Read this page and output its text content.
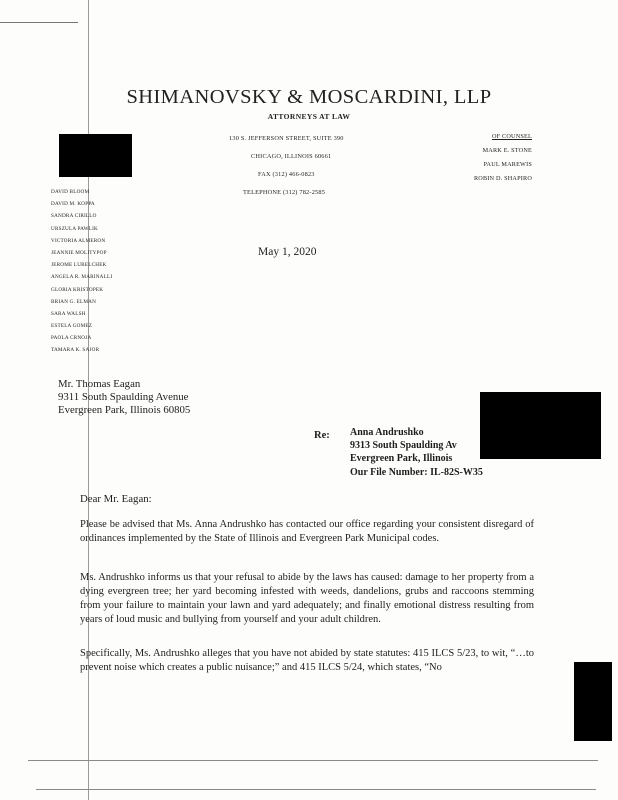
SHIMANOVSKY & MOSCARDINI, LLP
ATTORNEYS AT LAW
130 S. JEFFERSON STREET, SUITE 390
CHICAGO, ILLINOIS 60661
FAX (312) 466-0823
TELEPHONE (312) 782-2585
OF COUNSEL
MARK E. STONE
PAUL MAREWIS
ROBIN D. SHAPIRO
DAVID BLOOM
DAVID M. KOPPA
SANDRA CIRILLO
URSZULA PAWLIK
VICTORIA ALMERON
JEANNIE MOLITYPOP
JEROME LUBELCHEK
ANGELA R. MARINALLI
GLORIA KRISTOPEK
BRIAN G. ELMAN
SARA WALSH
ESTELA GOMEZ
PAOLA CRNOJA
TAMARA K. SAJOR
May 1, 2020
Mr. Thomas Eagan
9311 South Spaulding Avenue
Evergreen Park, Illinois 60805
Re: Anna Andrushko
9313 South Spaulding Av
Evergreen Park, Illinois
Our File Number: IL-82S-W35
Dear Mr. Eagan:
Please be advised that Ms. Anna Andrushko has contacted our office regarding your consistent disregard of ordinances implemented by the State of Illinois and Evergreen Park Municipal codes.
Ms. Andrushko informs us that your refusal to abide by the laws has caused: damage to her property from a dying evergreen tree; her yard becoming infested with weeds, dandelions, grubs and raccoons stemming from your failure to maintain your lawn and yard adequately; and finally emotional distress resulting from years of loud music and bullying from yourself and your adult children.
Specifically, Ms. Andrushko alleges that you have not abided by state statutes: 415 ILCS 5/23, to wit, “…to prevent noise which creates a public nuisance;” and 415 ILCS 5/24, which states, “No
